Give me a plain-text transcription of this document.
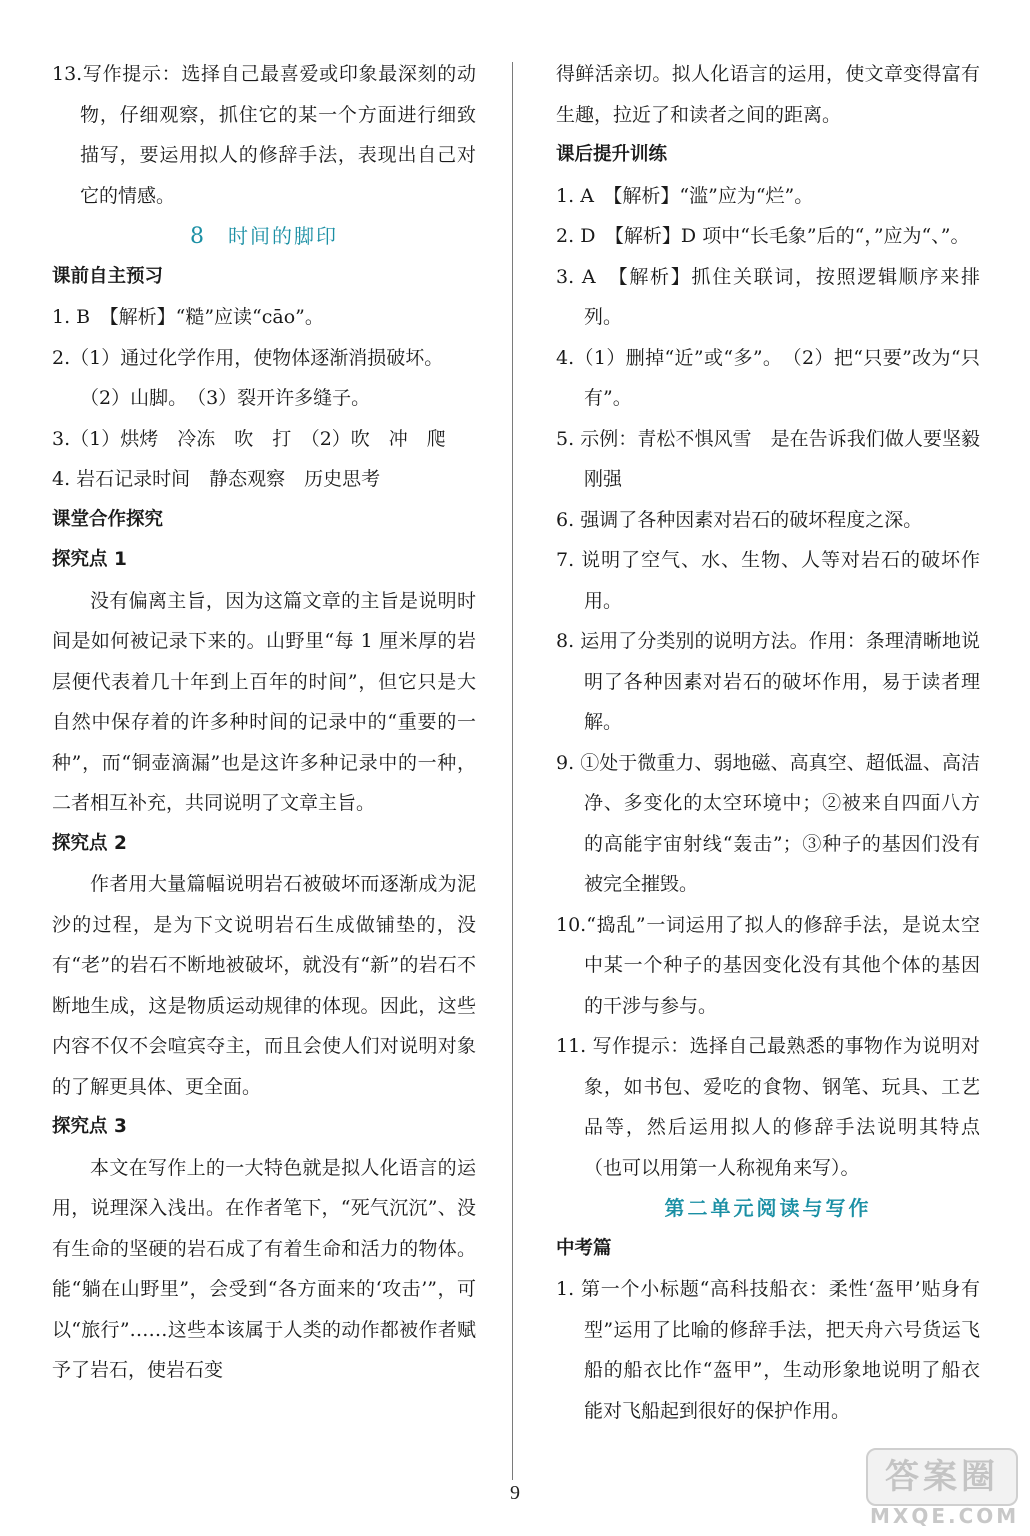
13.写作提示：选择自己最喜爱或印象最深刻的动物，仔细观察，抓住它的某一个方面进行细致描写，要运用拟人的修辞手法，表现出自己对它的情感。

8 时间的脚印

课前自主预习

1. B　【解析】“糙”应读“cāo”。

2.（1）通过化学作用，使物体逐渐消损破坏。

（2）山脚。　（3）裂开许多缝子。

3.（1）烘烤　冷冻　吹　打　（2）吹　冲　爬

4. 岩石记录时间　静态观察　历史思考

课堂合作探究

探究点 1

没有偏离主旨，因为这篇文章的主旨是说明时间是如何被记录下来的。山野里“每 1 厘米厚的岩层便代表着几十年到上百年的时间”，但它只是大自然中保存着的许多种时间的记录中的“重要的一种”，而“铜壶滴漏”也是这许多种记录中的一种，二者相互补充，共同说明了文章主旨。

探究点 2

作者用大量篇幅说明岩石被破坏而逐渐成为泥沙的过程，是为下文说明岩石生成做铺垫的，没有“老”的岩石不断地被破坏，就没有“新”的岩石不断地生成，这是物质运动规律的体现。因此，这些内容不仅不会喧宾夺主，而且会使人们对说明对象的了解更具体、更全面。

探究点 3

本文在写作上的一大特色就是拟人化语言的运用，说理深入浅出。在作者笔下，“死气沉沉”、没有生命的坚硬的岩石成了有着生命和活力的物体。能“躺在山野里”，会受到“各方面来的‘攻击’”，可以“旅行”……这些本该属于人类的动作都被作者赋予了岩石，使岩石变

得鲜活亲切。拟人化语言的运用，使文章变得富有生趣，拉近了和读者之间的距离。

课后提升训练

1. A　【解析】“滥”应为“烂”。

2. D　【解析】D 项中“长毛象”后的“，”应为“、”。

3. A　【解析】抓住关联词，按照逻辑顺序来排列。

4.（1）删掉“近”或“多”。　（2）把“只要”改为“只有”。

5. 示例：青松不惧风雪　是在告诉我们做人要坚毅刚强

6. 强调了各种因素对岩石的破坏程度之深。

7. 说明了空气、水、生物、人等对岩石的破坏作用。

8. 运用了分类别的说明方法。作用：条理清晰地说明了各种因素对岩石的破坏作用，易于读者理解。

9. ①处于微重力、弱地磁、高真空、超低温、高洁净、多变化的太空环境中；②被来自四面八方的高能宇宙射线“轰击”；③种子的基因们没有被完全摧毁。

10.“捣乱”一词运用了拟人的修辞手法，是说太空中某一个种子的基因变化没有其他个体的基因的干涉与参与。

11. 写作提示：选择自己最熟悉的事物作为说明对象，如书包、爱吃的食物、钢笔、玩具、工艺品等，然后运用拟人的修辞手法说明其特点（也可以用第一人称视角来写）。

第二单元阅读与写作

中考篇

1. 第一个小标题“高科技船衣：柔性‘盔甲’贴身有型”运用了比喻的修辞手法，把天舟六号货运飞船的船衣比作“盔甲”，生动形象地说明了船衣能对飞船起到很好的保护作用。

9	答案圈
MXQE.COM
